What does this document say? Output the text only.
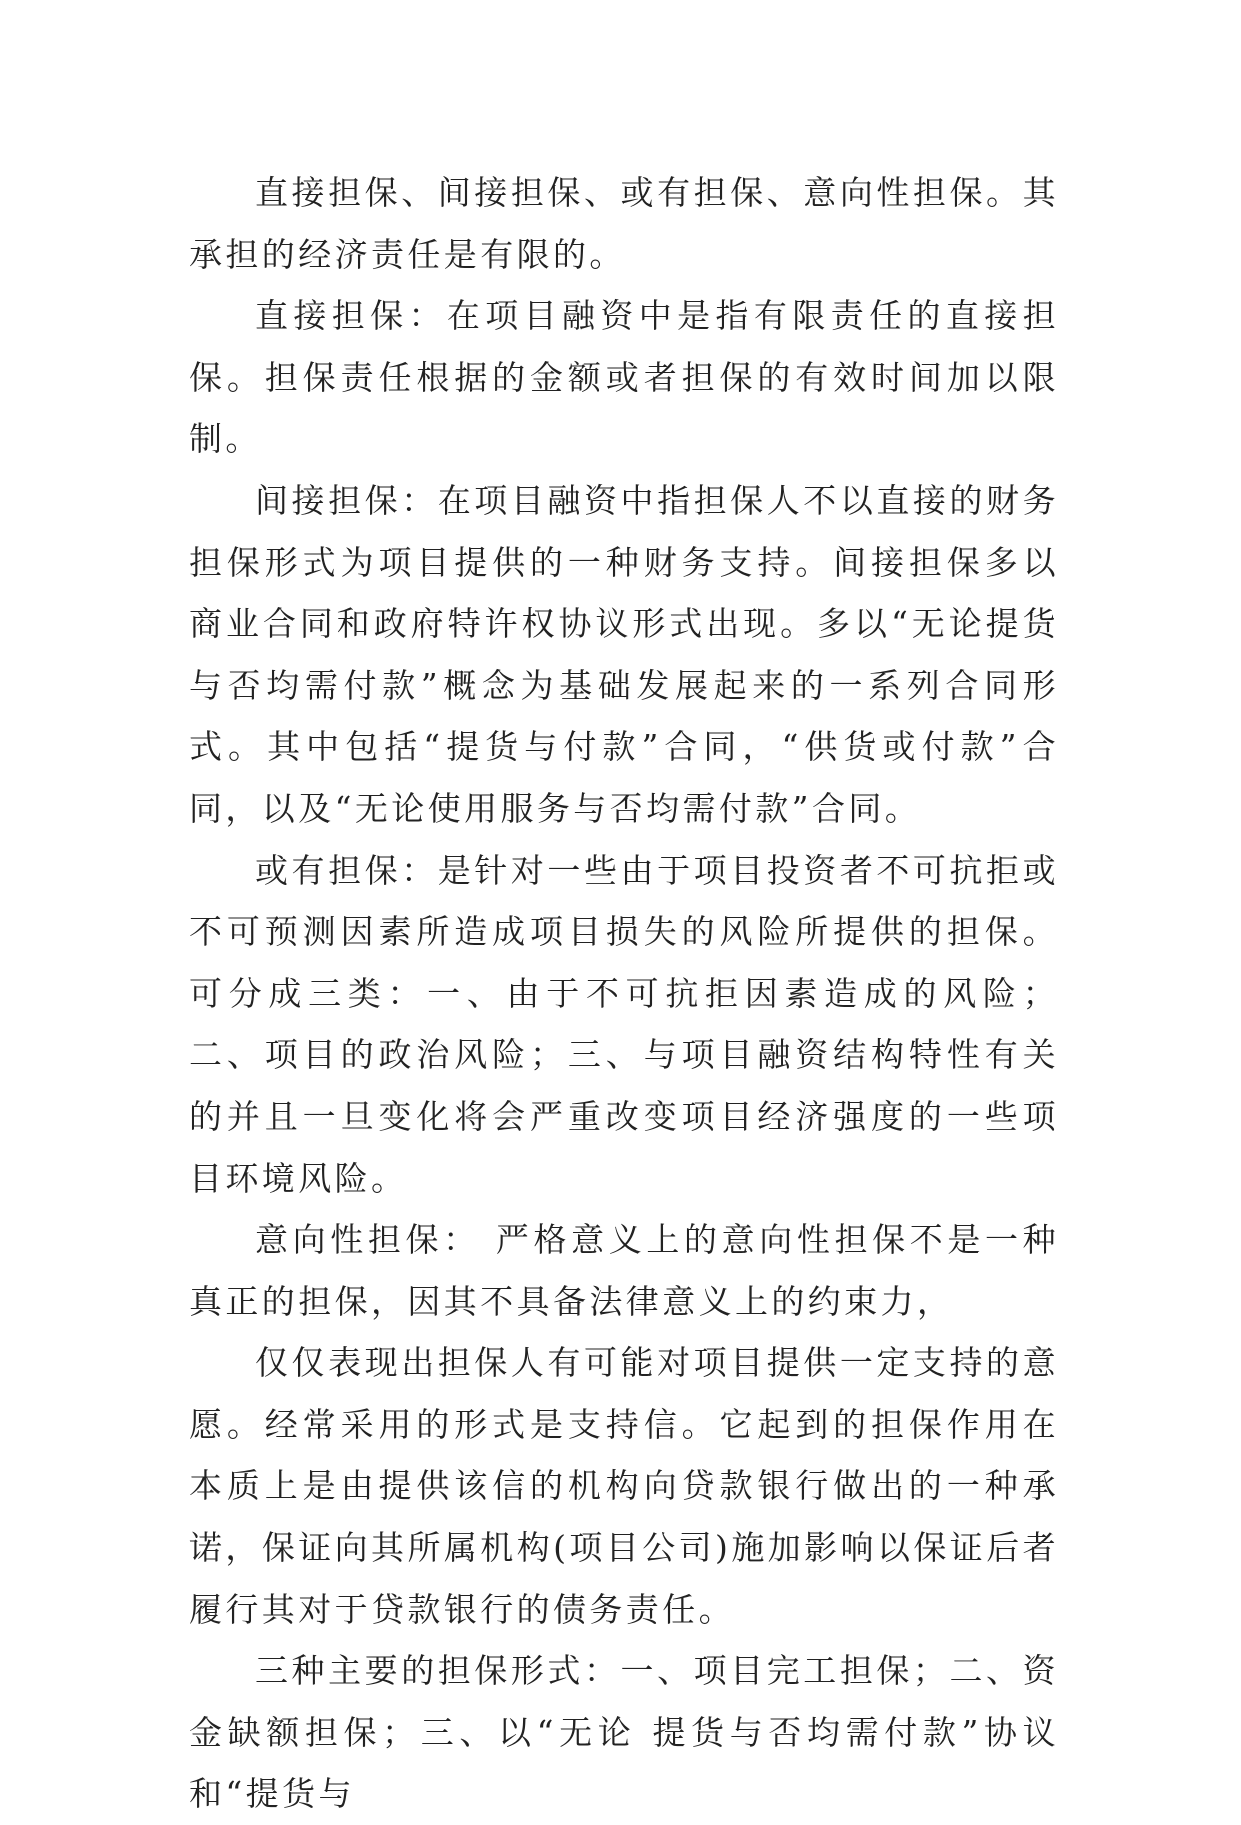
直接担保、间接担保、或有担保、意向性担保。其承担的经济责任是有限的。

直接担保：在项目融资中是指有限责任的直接担保。担保责任根据的金额或者担保的有效时间加以限制。

间接担保：在项目融资中指担保人不以直接的财务担保形式为项目提供的一种财务支持。间接担保多以商业合同和政府特许权协议形式出现。多以“无论提货与否均需付款”概念为基础发展起来的一系列合同形式。其中包括“提货与付款”合同，“供货或付款”合同，以及“无论使用服务与否均需付款”合同。

或有担保：是针对一些由于项目投资者不可抗拒或不可预测因素所造成项目损失的风险所提供的担保。可分成三类：一、由于不可抗拒因素造成的风险；二、项目的政治风险；三、与项目融资结构特性有关的并且一旦变化将会严重改变项目经济强度的一些项目环境风险。

意向性担保： 严格意义上的意向性担保不是一种真正的担保，因其不具备法律意义上的约束力，

仅仅表现出担保人有可能对项目提供一定支持的意愿。经常采用的形式是支持信。它起到的担保作用在本质上是由提供该信的机构向贷款银行做出的一种承诺，保证向其所属机构(项目公司)施加影响以保证后者履行其对于贷款银行的债务责任。

三种主要的担保形式：一、项目完工担保；二、资金缺额担保；三、以“无论 提货与否均需付款”协议和“提货与
